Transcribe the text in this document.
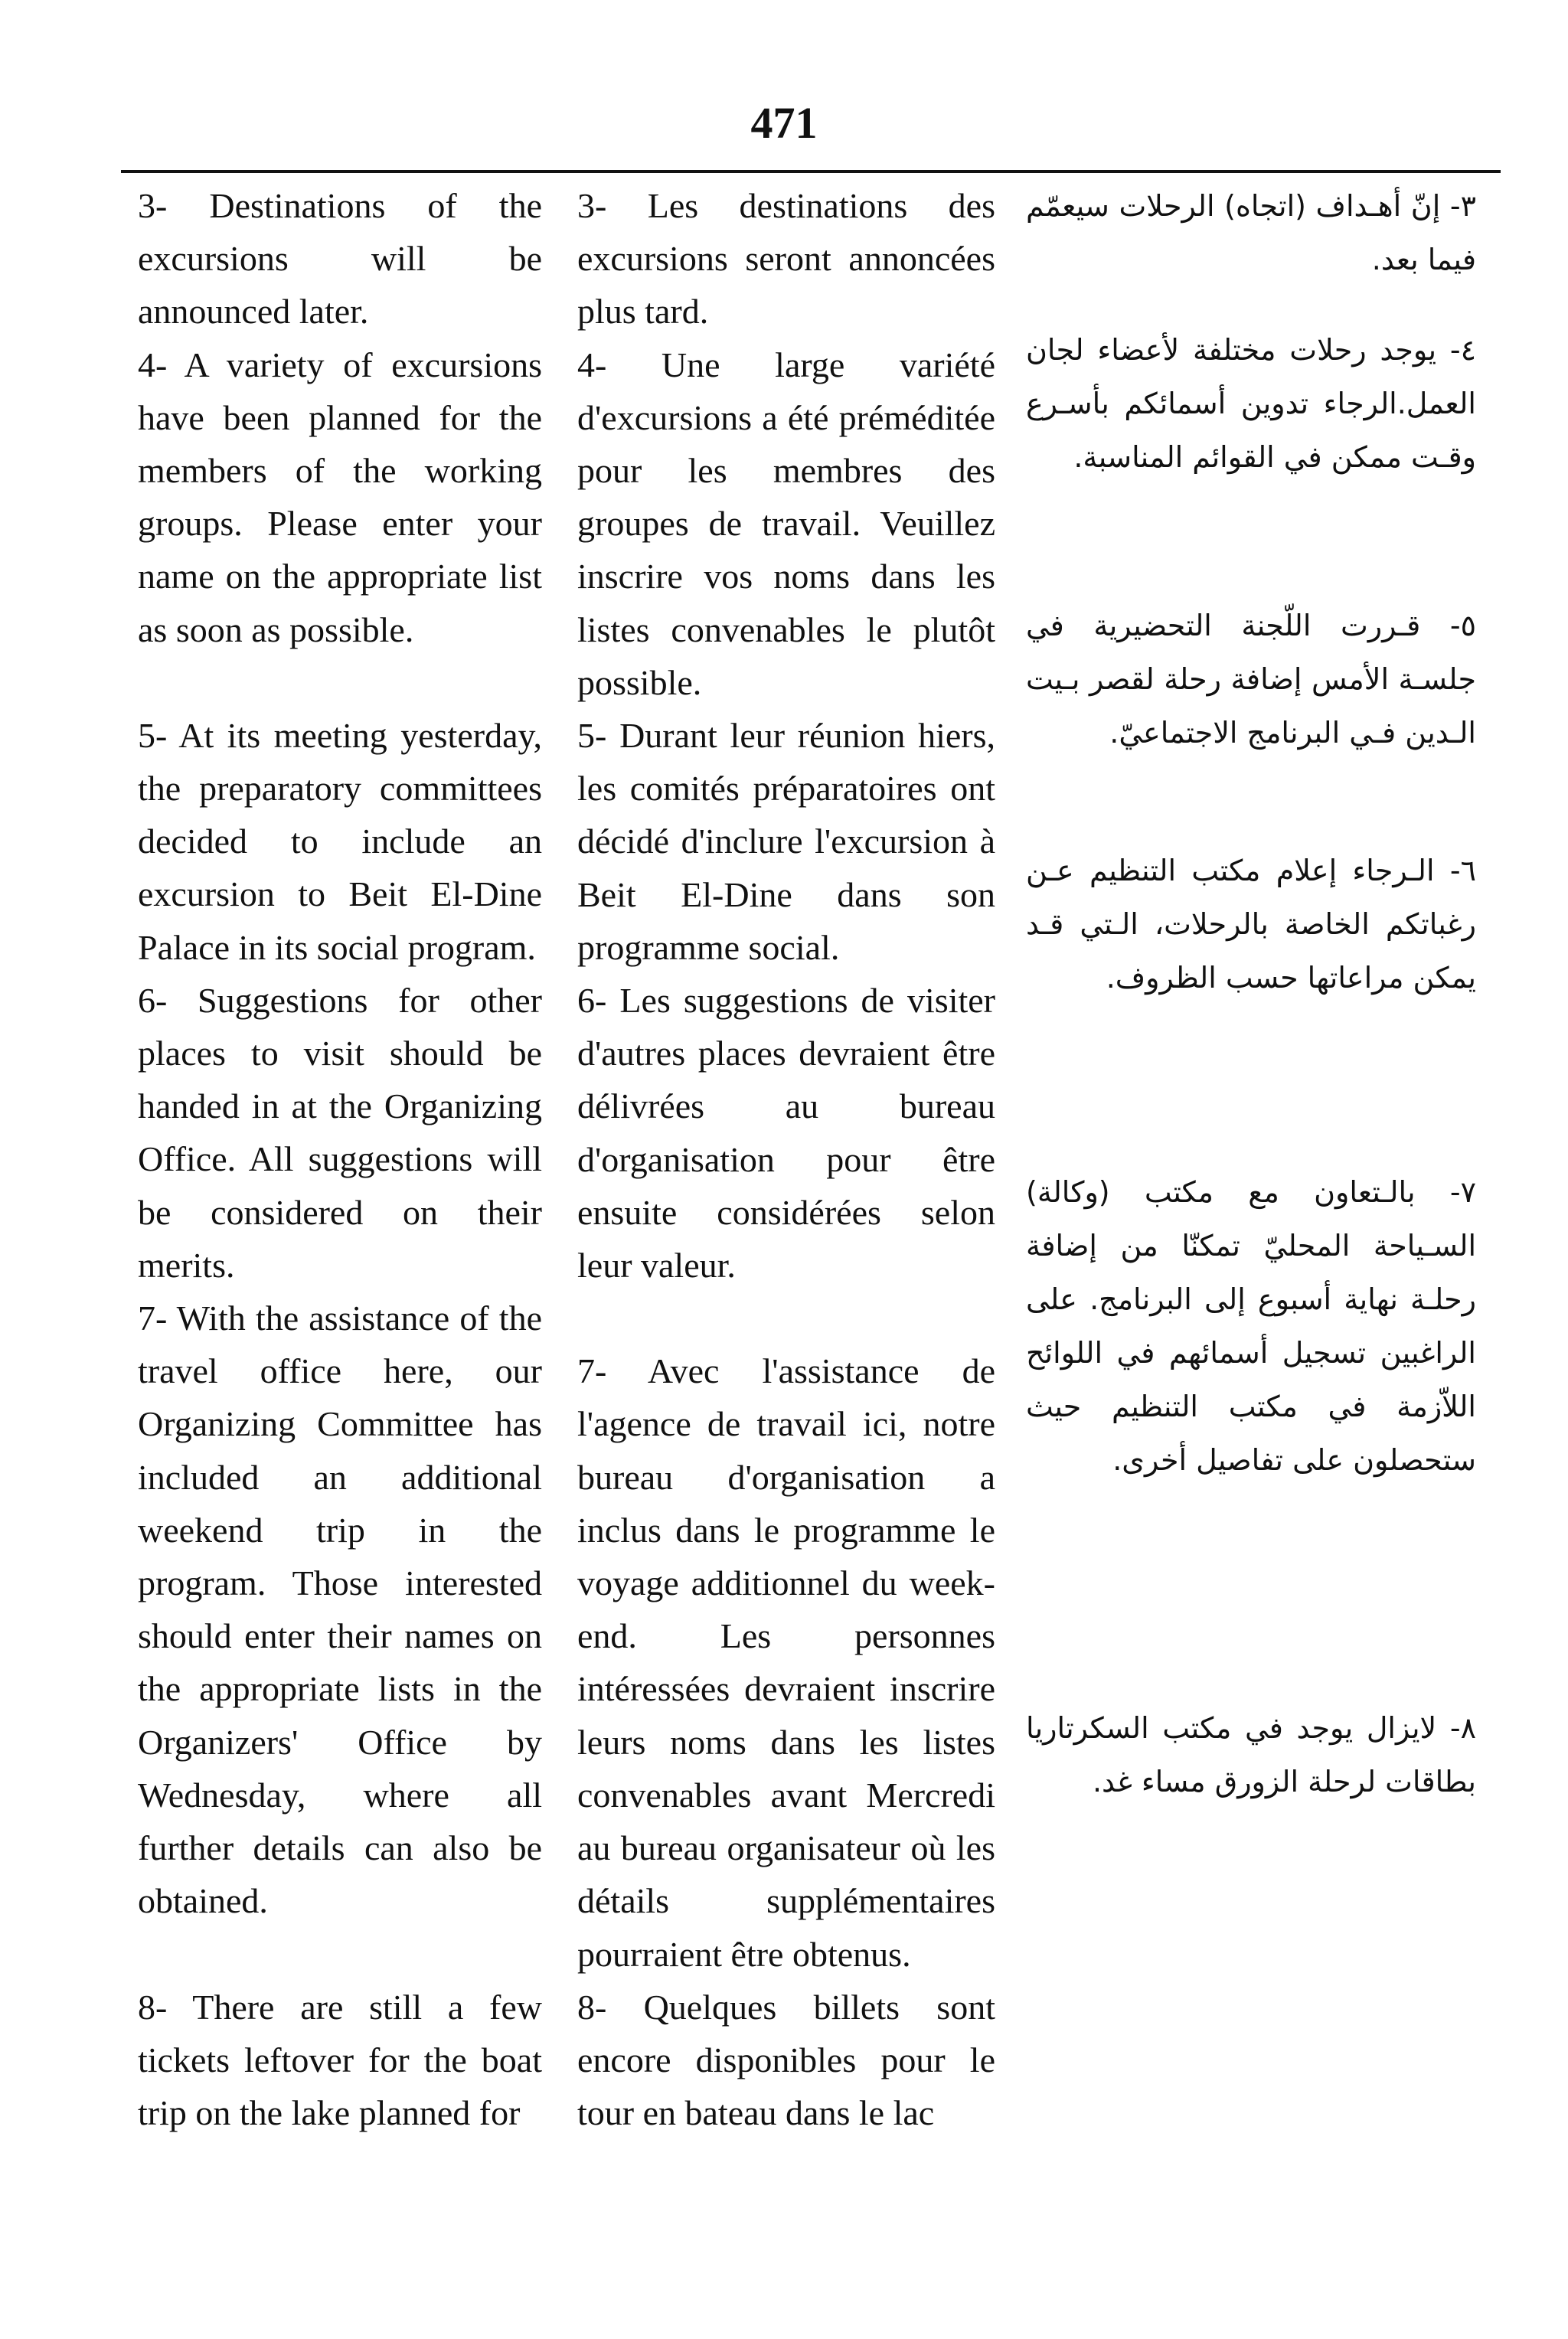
471
3- Destinations of the excursions will be announced later.
4- A variety of excursions have been planned for the members of the working groups. Please enter your name on the appropriate list as soon as possible.
5- At its meeting yesterday, the preparatory committees decided to include an excursion to Beit El-Dine Palace in its social program.
6- Suggestions for other places to visit should be handed in at the Organizing Office. All suggestions will be considered on their merits.
7- With the assistance of the travel office here, our Organizing Committee has included an additional weekend trip in the program. Those interested should enter their names on the appropriate lists in the Organizers' Office by Wednesday, where all further details can also be obtained.
8- There are still a few tickets leftover for the boat trip on the lake planned for
3- Les destinations des excursions seront annoncées plus tard.
4- Une large variété d'excursions a été préméditée pour les membres des groupes de travail. Veuillez inscrire vos noms dans les listes convenables le plutôt possible.
5- Durant leur réunion hiers, les comités préparatoires ont décidé d'inclure l'excursion à Beit El-Dine dans son programme social.
6- Les suggestions de visiter d'autres places devraient être délivrées au bureau d'organisation pour être ensuite considérées selon leur valeur.
7- Avec l'assistance de l'agence de travail ici, notre bureau d'organisation a inclus dans le programme le voyage additionnel du week-end. Les personnes intéressées devraient inscrire leurs noms dans les listes convenables avant Mercredi au bureau organisateur où les détails supplémentaires pourraient être obtenus.
8- Quelques billets sont encore disponibles pour le tour en bateau dans le lac
٣- إنّ أهـداف (اتجاه) الرحلات سيعمّم فيما بعد.
٤- يوجد رحلات مختلفة لأعضاء لجان العمل.الرجاء تدوين أسمائكم بأسـرع وقـت ممكن في القوائم المناسبة.
٥- قـررت اللّجنة التحضيرية في جلسـة الأمس إضافة رحلة لقصر بـيت الـدين فـي البرنامج الاجتماعيّ.
٦- الـرجاء إعلام مكتب التنظيم عـن رغباتكم الخاصة بالرحلات، الـتي قـد يمكن مراعاتها حسب الظروف.
٧- بالـتعاون مع مكتب (وكالة) السـياحة المحليّ تمكنّا من إضافة رحلـة نهاية أسبوع إلى البرنامج. على الراغبين تسجيل أسمائهم في اللوائح اللاّزمة في مكتب التنظيم حيث ستحصلون على تفاصيل أخرى.
٨- لايزال يوجد في مكتب السكرتاريا بطاقات لرحلة الزورق مساء غد.
